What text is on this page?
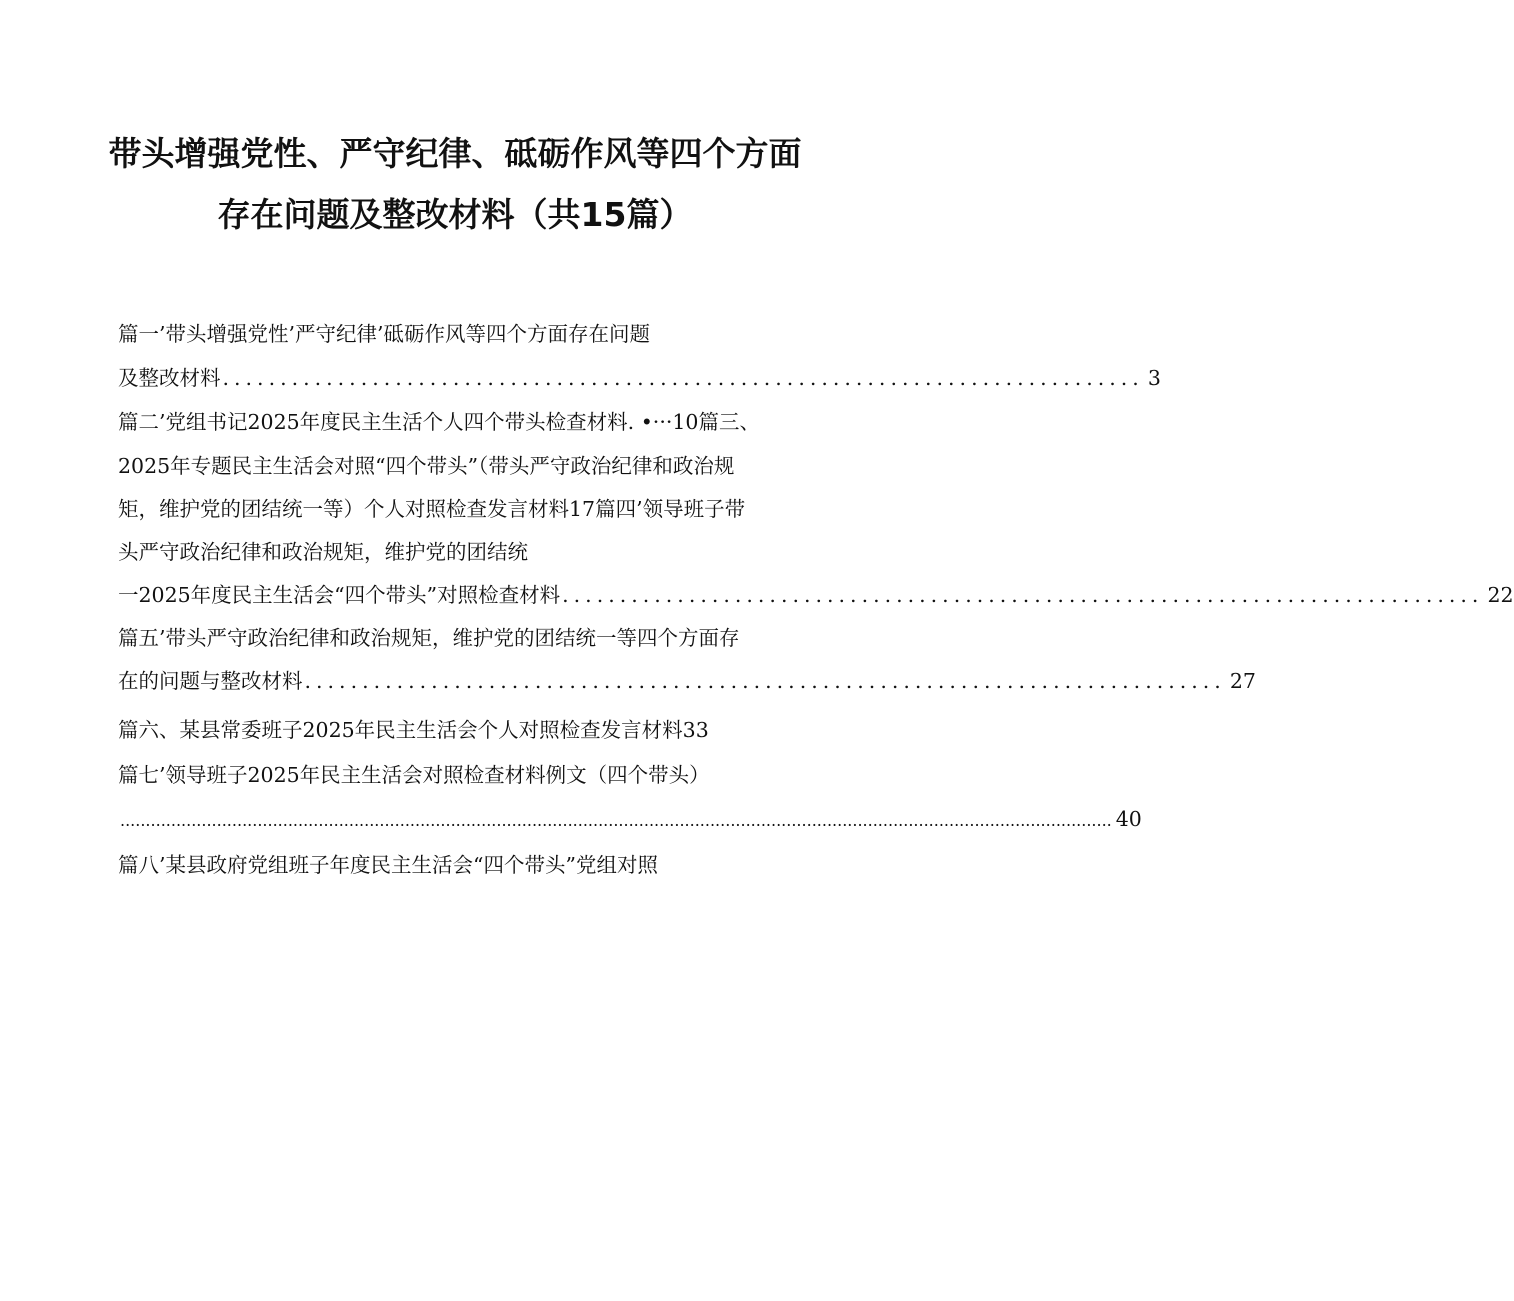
带头增强党性、严守纪律、砥砺作风等四个方面
存在问题及整改材料（共15篇）
篇一’带头增强党性’严守纪律’砥砺作风等四个方面存在问题
及整改材料 ................................................................................ 3
篇二’党组书记2025年度民主生活个人四个带头检查材料. •···10篇三、
2025年专题民主生活会对照“四个带头”（带头严守政治纪律和政治规
矩，维护党的团结统一等）个人对照检查发言材料17篇四’领导班子带
头严守政治纪律和政治规矩，维护党的团结统
一2025年度民主生活会“四个带头”对照检查材料 ................................................................................ 22
篇五’带头严守政治纪律和政治规矩，维护党的团结统一等四个方面存
在的问题与整改材料 ................................................................................ 27
篇六、某县常委班子2025年民主生活会个人对照检查发言材料33
篇七’领导班子2025年民主生活会对照检查材料例文（四个带头）
................................................................................................................................................................................................... 40
篇八’某县政府党组班子年度民主生活会“四个带头”党组对照
